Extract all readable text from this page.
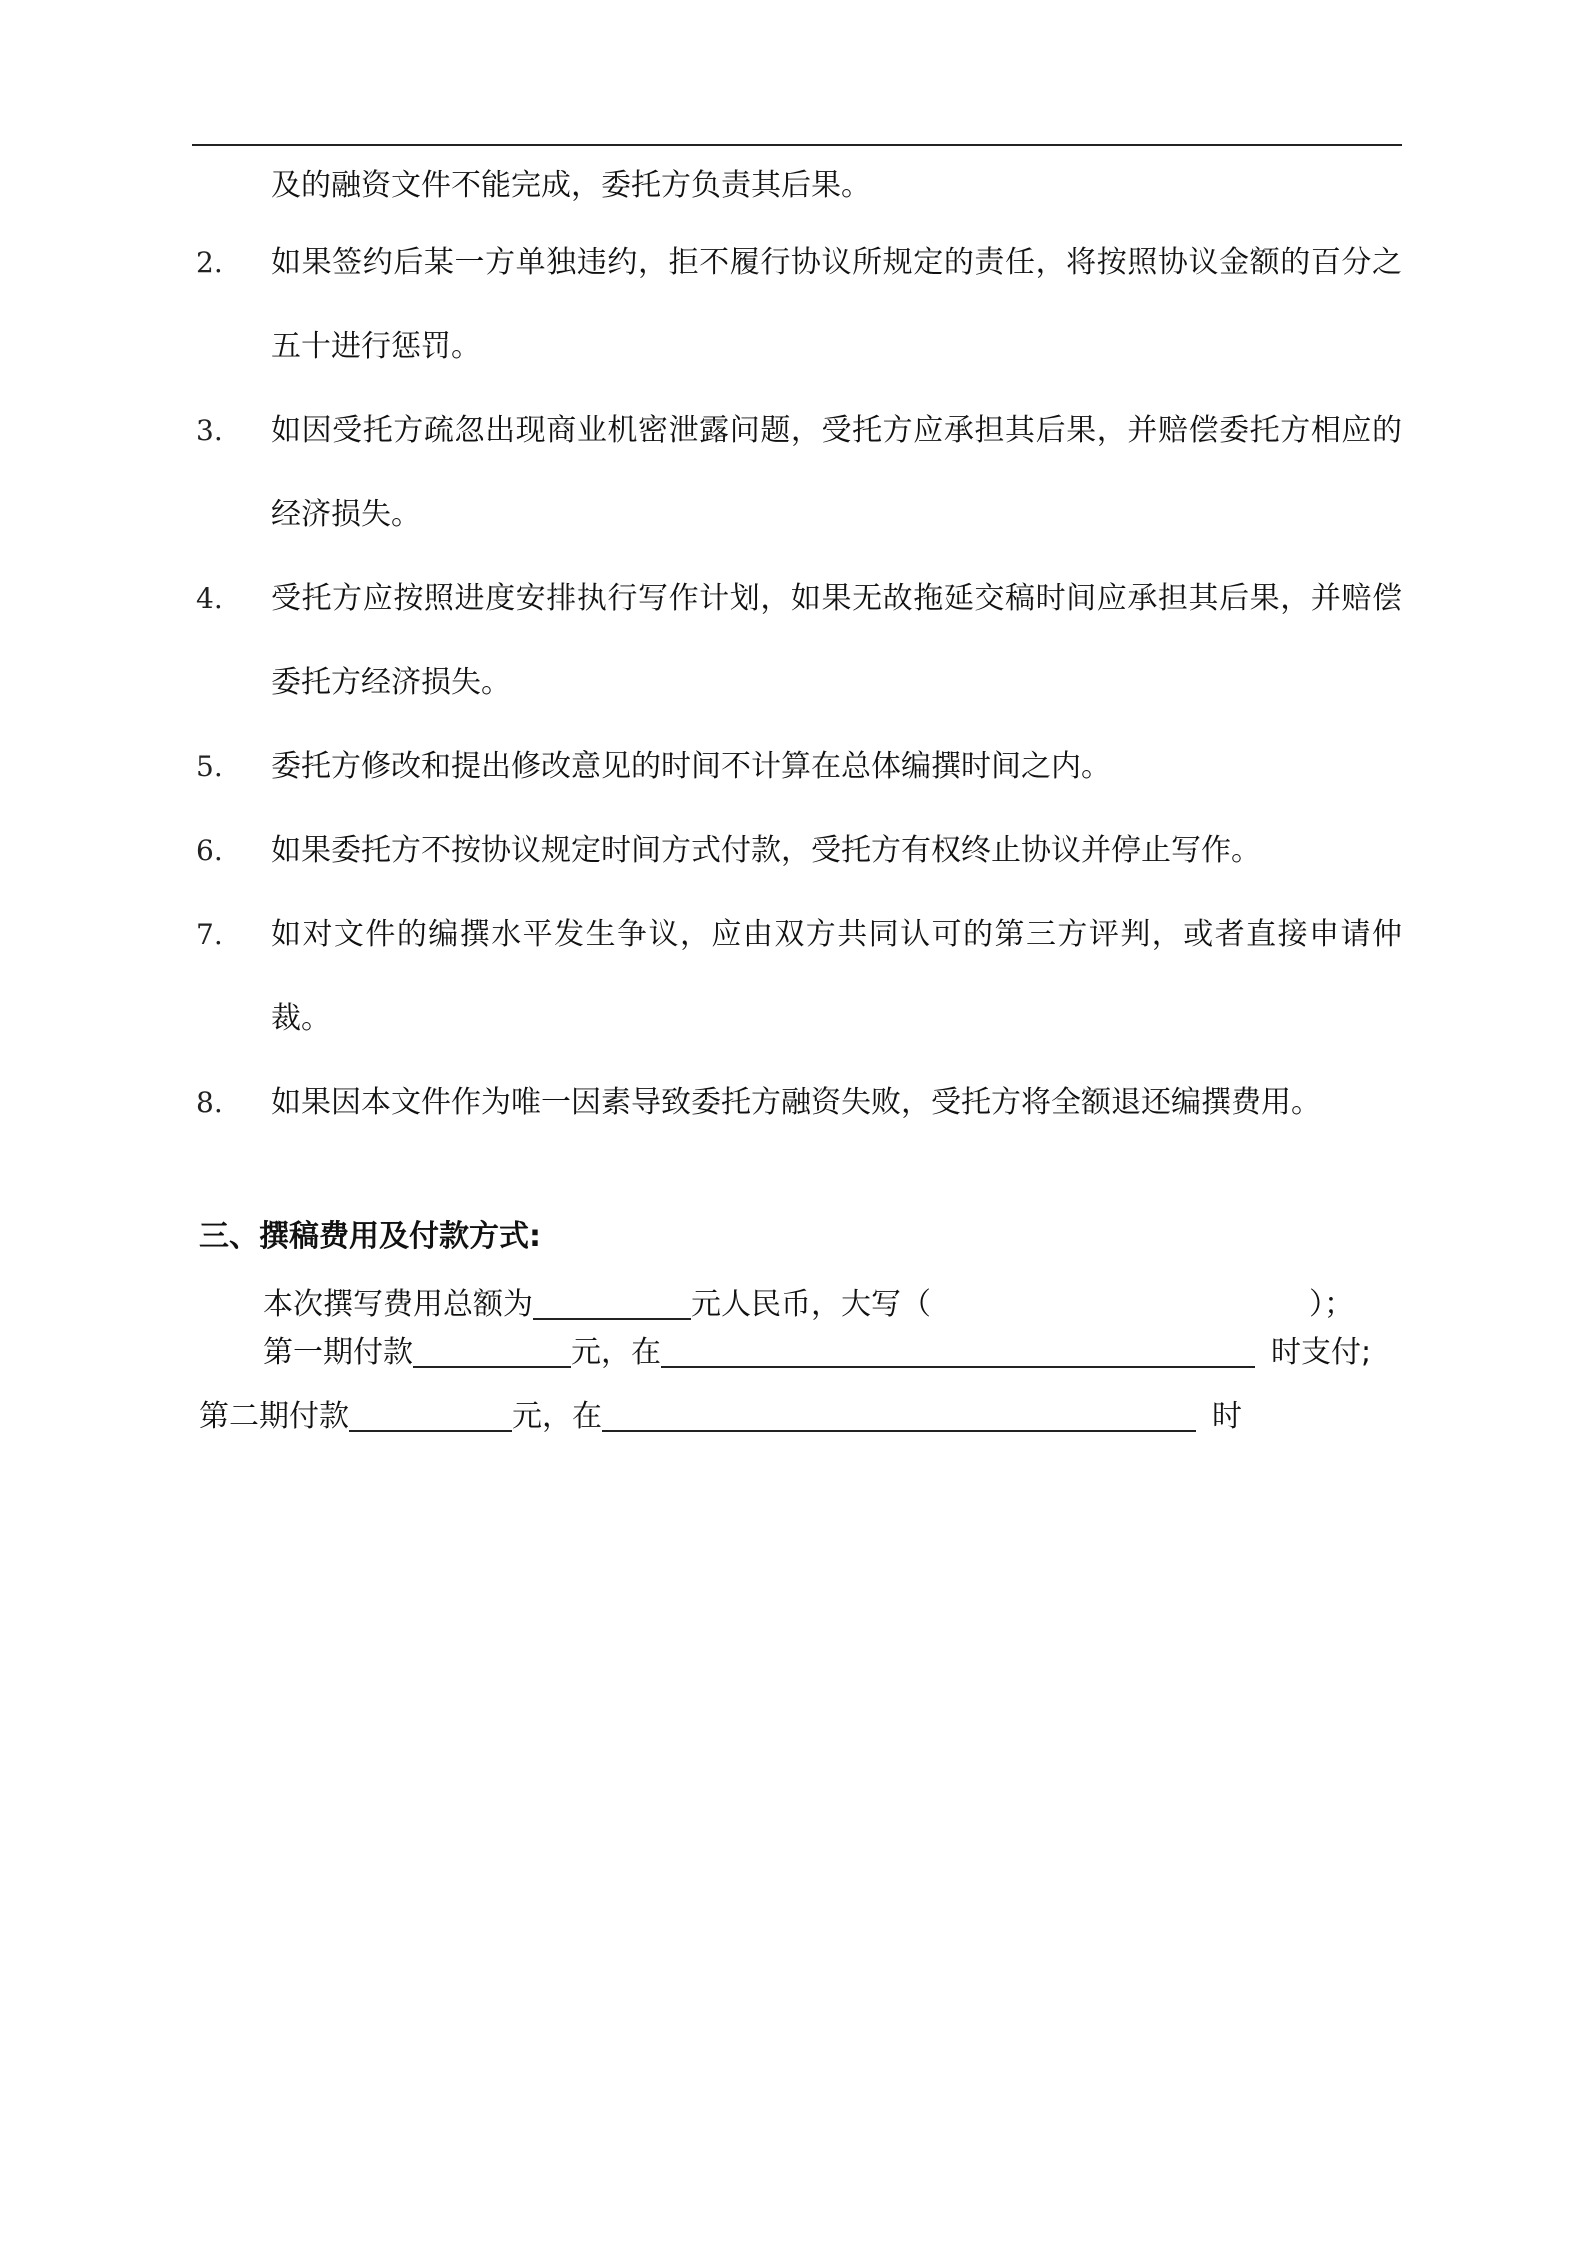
及的融资文件不能完成，委托方负责其后果。
2. 如果签约后某一方单独违约，拒不履行协议所规定的责任，将按照协议金额的百分之五十进行惩罚。
3. 如因受托方疏忽出现商业机密泄露问题，受托方应承担其后果，并赔偿委托方相应的经济损失。
4. 受托方应按照进度安排执行写作计划，如果无故拖延交稿时间应承担其后果，并赔偿委托方经济损失。
5. 委托方修改和提出修改意见的时间不计算在总体编撰时间之内。
6. 如果委托方不按协议规定时间方式付款，受托方有权终止协议并停止写作。
7. 如对文件的编撰水平发生争议，应由双方共同认可的第三方评判，或者直接申请仲裁。
8. 如果因本文件作为唯一因素导致委托方融资失败，受托方将全额退还编撰费用。
三、撰稿费用及付款方式:
本次撰写费用总额为	元人民币，大写（	）；
第一期付款	元，在	时支付;
第二期付款	元，在	时
